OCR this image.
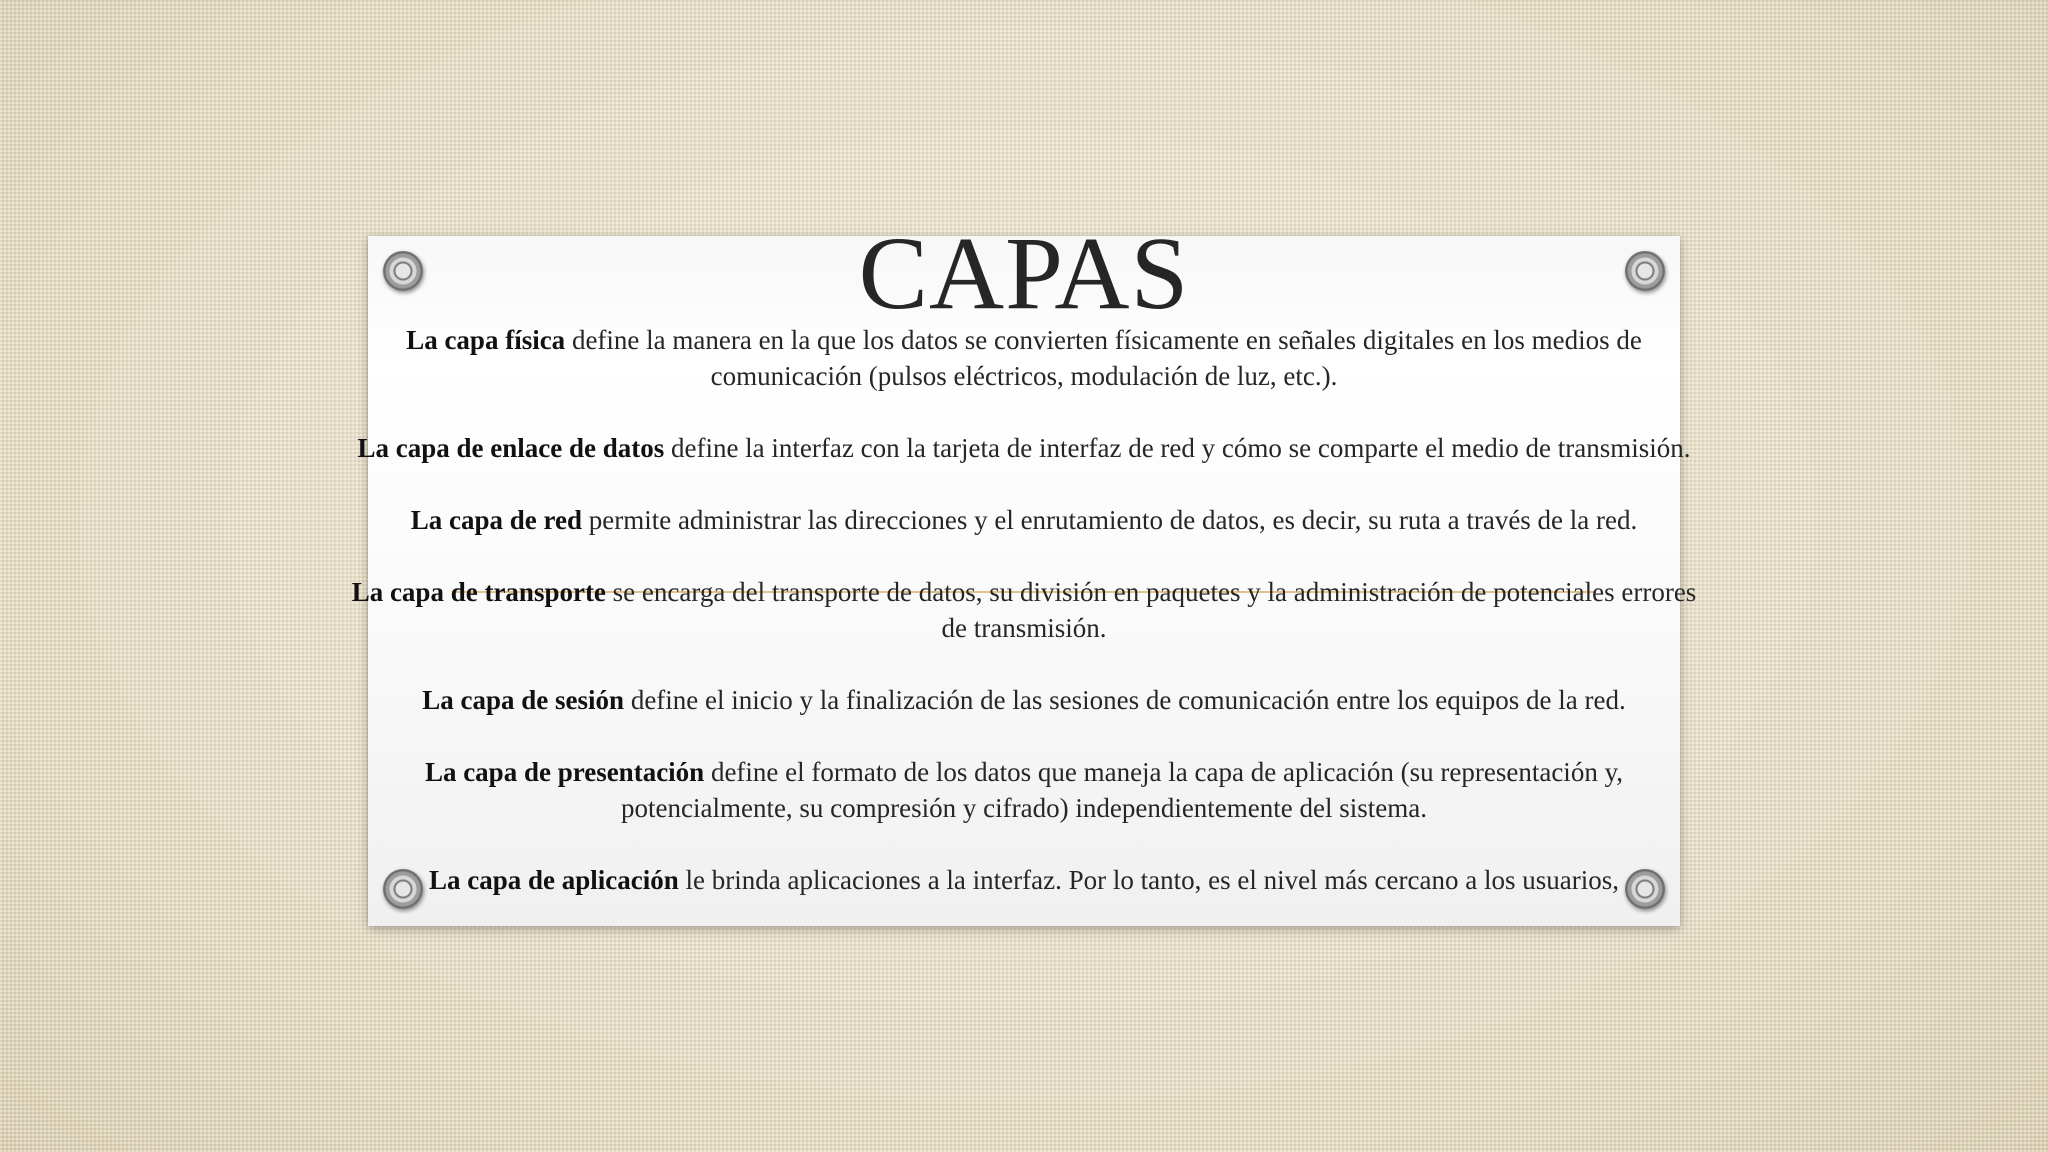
CAPAS

La capa física define la manera en la que los datos se convierten físicamente en señales digitales en los medios de comunicación (pulsos eléctricos, modulación de luz, etc.).

La capa de enlace de datos define la interfaz con la tarjeta de interfaz de red y cómo se comparte el medio de transmisión.

La capa de red permite administrar las direcciones y el enrutamiento de datos, es decir, su ruta a través de la red.

La capa de transporte se encarga del transporte de datos, su división en paquetes y la administración de potenciales errores de transmisión.

La capa de sesión define el inicio y la finalización de las sesiones de comunicación entre los equipos de la red.

La capa de presentación define el formato de los datos que maneja la capa de aplicación (su representación y, potencialmente, su compresión y cifrado) independientemente del sistema.

La capa de aplicación le brinda aplicaciones a la interfaz. Por lo tanto, es el nivel más cercano a los usuarios,
